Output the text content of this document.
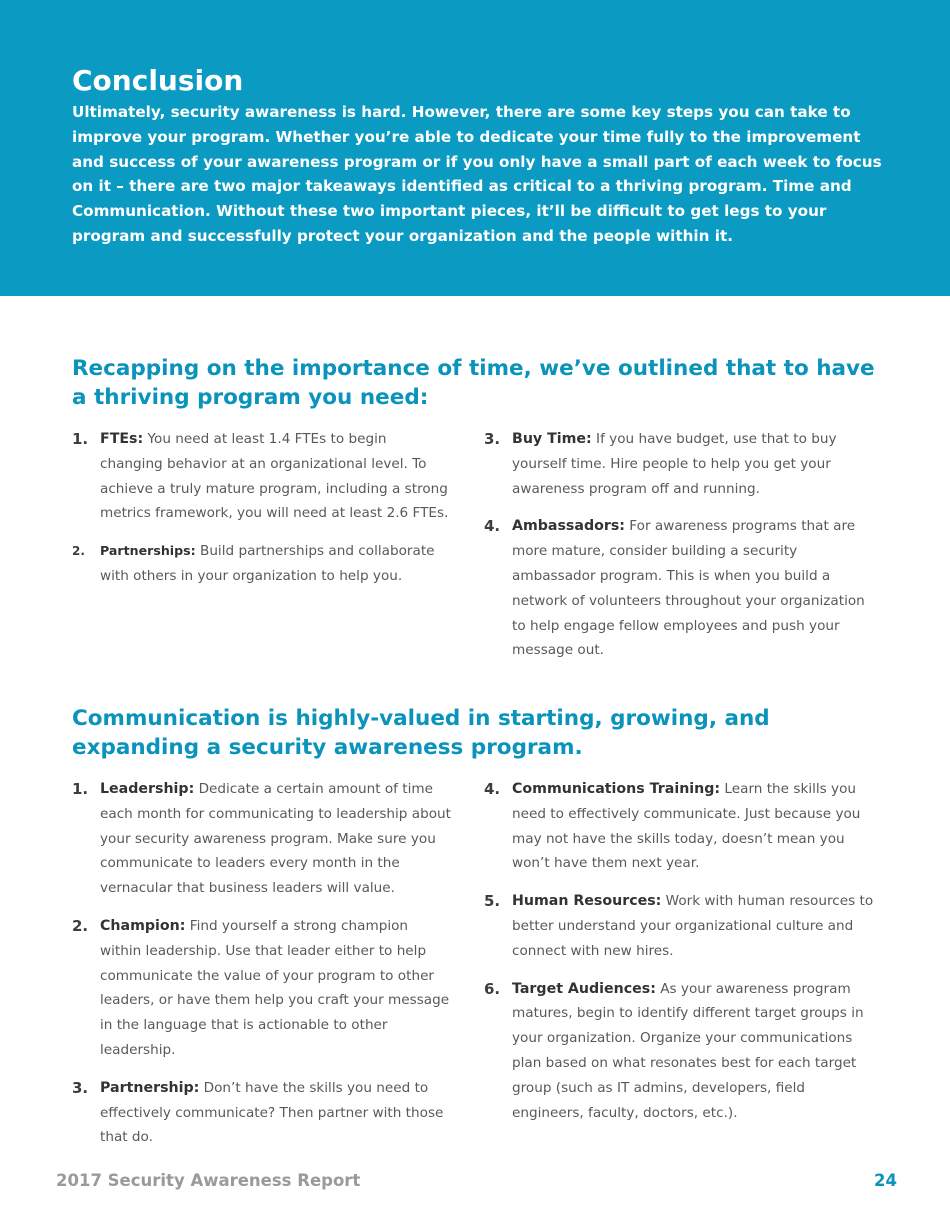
Conclusion

Ultimately, security awareness is hard. However, there are some key steps you can take to improve your program. Whether you’re able to dedicate your time fully to the improvement and success of your awareness program or if you only have a small part of each week to focus on it – there are two major takeaways identified as critical to a thriving program. Time and Communication. Without these two important pieces, it’ll be difficult to get legs to your program and successfully protect your organization and the people within it.

Recapping on the importance of time, we’ve outlined that to have a thriving program you need:
1. FTEs: You need at least 1.4 FTEs to begin changing behavior at an organizational level. To achieve a truly mature program, including a strong metrics framework, you will need at least 2.6 FTEs.
2. Partnerships: Build partnerships and collaborate with others in your organization to help you.
3. Buy Time: If you have budget, use that to buy yourself time. Hire people to help you get your awareness program off and running.
4. Ambassadors: For awareness programs that are more mature, consider building a security ambassador program. This is when you build a network of volunteers throughout your organization to help engage fellow employees and push your message out.
Communication is highly-valued in starting, growing, and expanding a security awareness program.
1. Leadership: Dedicate a certain amount of time each month for communicating to leadership about your security awareness program. Make sure you communicate to leaders every month in the vernacular that business leaders will value.
2. Champion: Find yourself a strong champion within leadership. Use that leader either to help communicate the value of your program to other leaders, or have them help you craft your message in the language that is actionable to other leadership.
3. Partnership: Don’t have the skills you need to effectively communicate? Then partner with those that do.
4. Communications Training: Learn the skills you need to effectively communicate. Just because you may not have the skills today, doesn’t mean you won’t have them next year.
5. Human Resources: Work with human resources to better understand your organizational culture and connect with new hires.
6. Target Audiences: As your awareness program matures, begin to identify different target groups in your organization. Organize your communications plan based on what resonates best for each target group (such as IT admins, developers, field engineers, faculty, doctors, etc.).

2017 Security Awareness Report	24
